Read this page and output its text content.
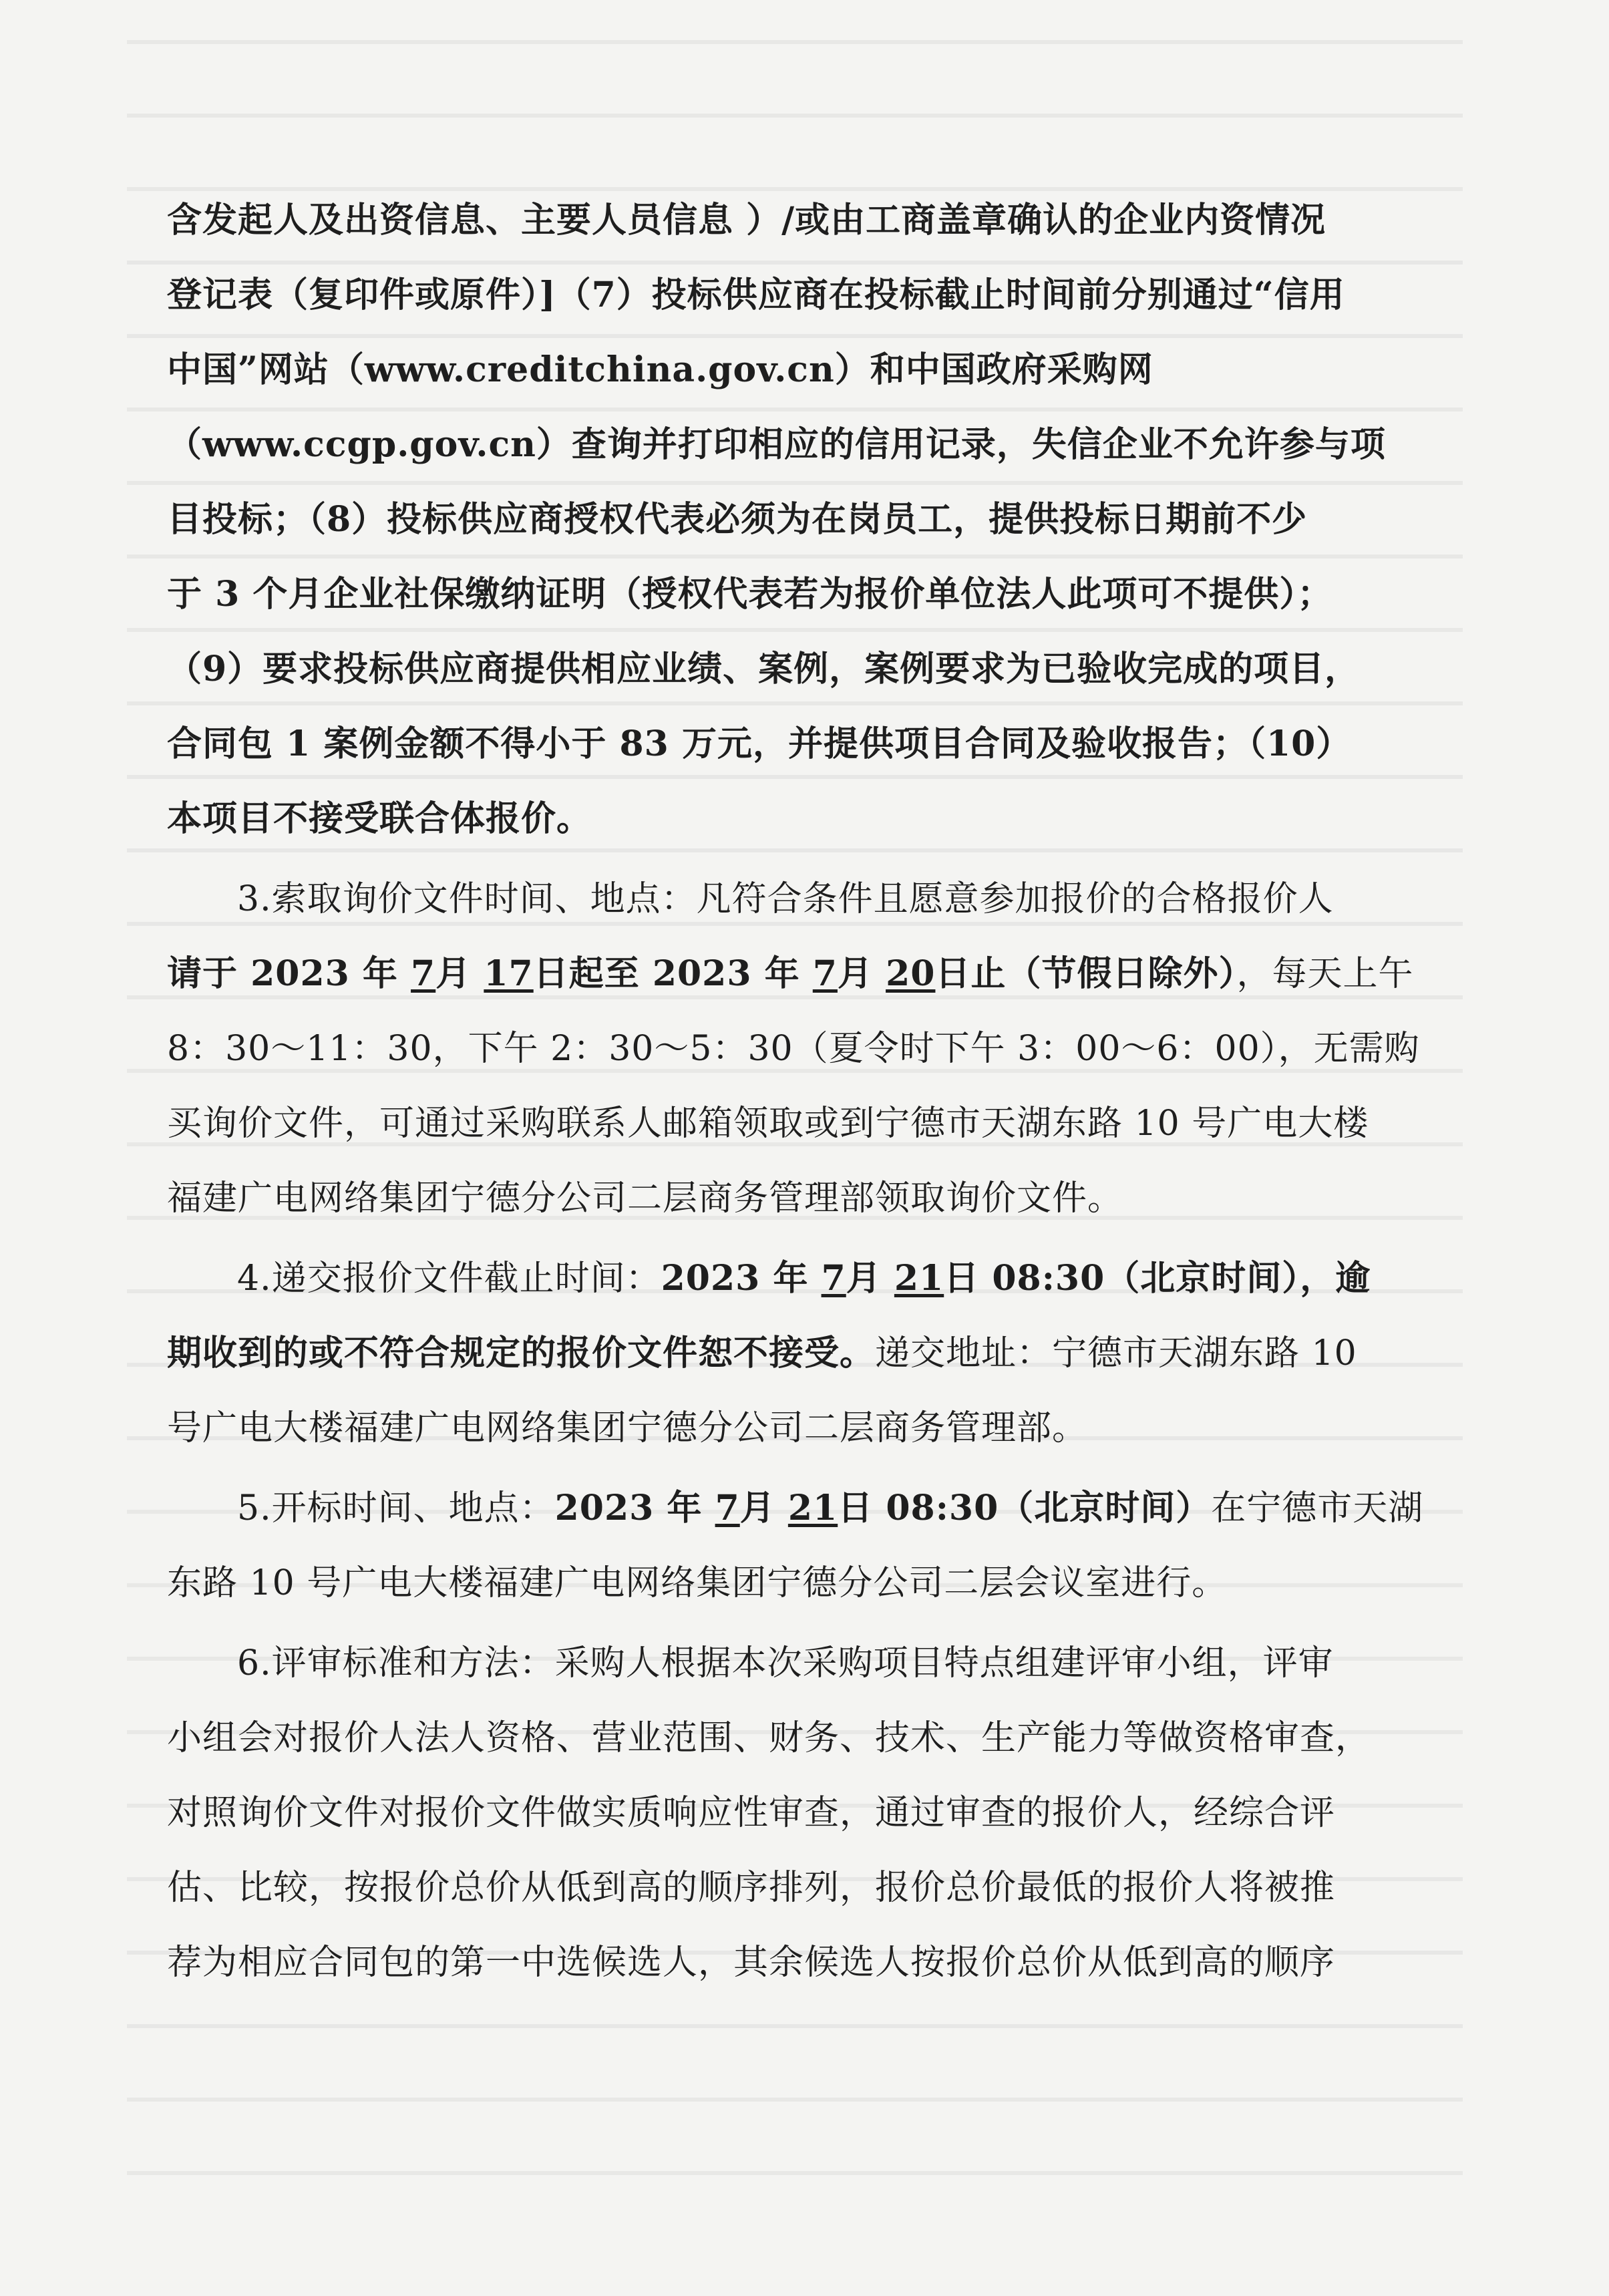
含发起人及出资信息、主要人员信息 ）/或由工商盖章确认的企业内资情况
登记表（复印件或原件）]（7）投标供应商在投标截止时间前分别通过“信用
中国”网站（www.creditchina.gov.cn）和中国政府采购网
（www.ccgp.gov.cn）查询并打印相应的信用记录，失信企业不允许参与项
目投标；（8）投标供应商授权代表必须为在岗员工，提供投标日期前不少
于 3 个月企业社保缴纳证明（授权代表若为报价单位法人此项可不提供）；
（9）要求投标供应商提供相应业绩、案例，案例要求为已验收完成的项目，
合同包 1 案例金额不得小于 83 万元，并提供项目合同及验收报告；（10）
本项目不接受联合体报价。
3.索取询价文件时间、地点：凡符合条件且愿意参加报价的合格报价人
请于 2023 年 7月 17日起至 2023 年 7月 20日止（节假日除外），每天上午
8：30～11：30，下午 2：30～5：30（夏令时下午 3：00～6：00），无需购
买询价文件，可通过采购联系人邮箱领取或到宁德市天湖东路 10 号广电大楼
福建广电网络集团宁德分公司二层商务管理部领取询价文件。
4.递交报价文件截止时间：2023 年 7月 21日 08:30（北京时间），逾
期收到的或不符合规定的报价文件恕不接受。递交地址：宁德市天湖东路 10
号广电大楼福建广电网络集团宁德分公司二层商务管理部。
5.开标时间、地点：2023 年 7月 21日 08:30（北京时间）在宁德市天湖
东路 10 号广电大楼福建广电网络集团宁德分公司二层会议室进行。
6.评审标准和方法：采购人根据本次采购项目特点组建评审小组，评审
小组会对报价人法人资格、营业范围、财务、技术、生产能力等做资格审查，
对照询价文件对报价文件做实质响应性审查，通过审查的报价人，经综合评
估、比较，按报价总价从低到高的顺序排列，报价总价最低的报价人将被推
荐为相应合同包的第一中选候选人，其余候选人按报价总价从低到高的顺序
